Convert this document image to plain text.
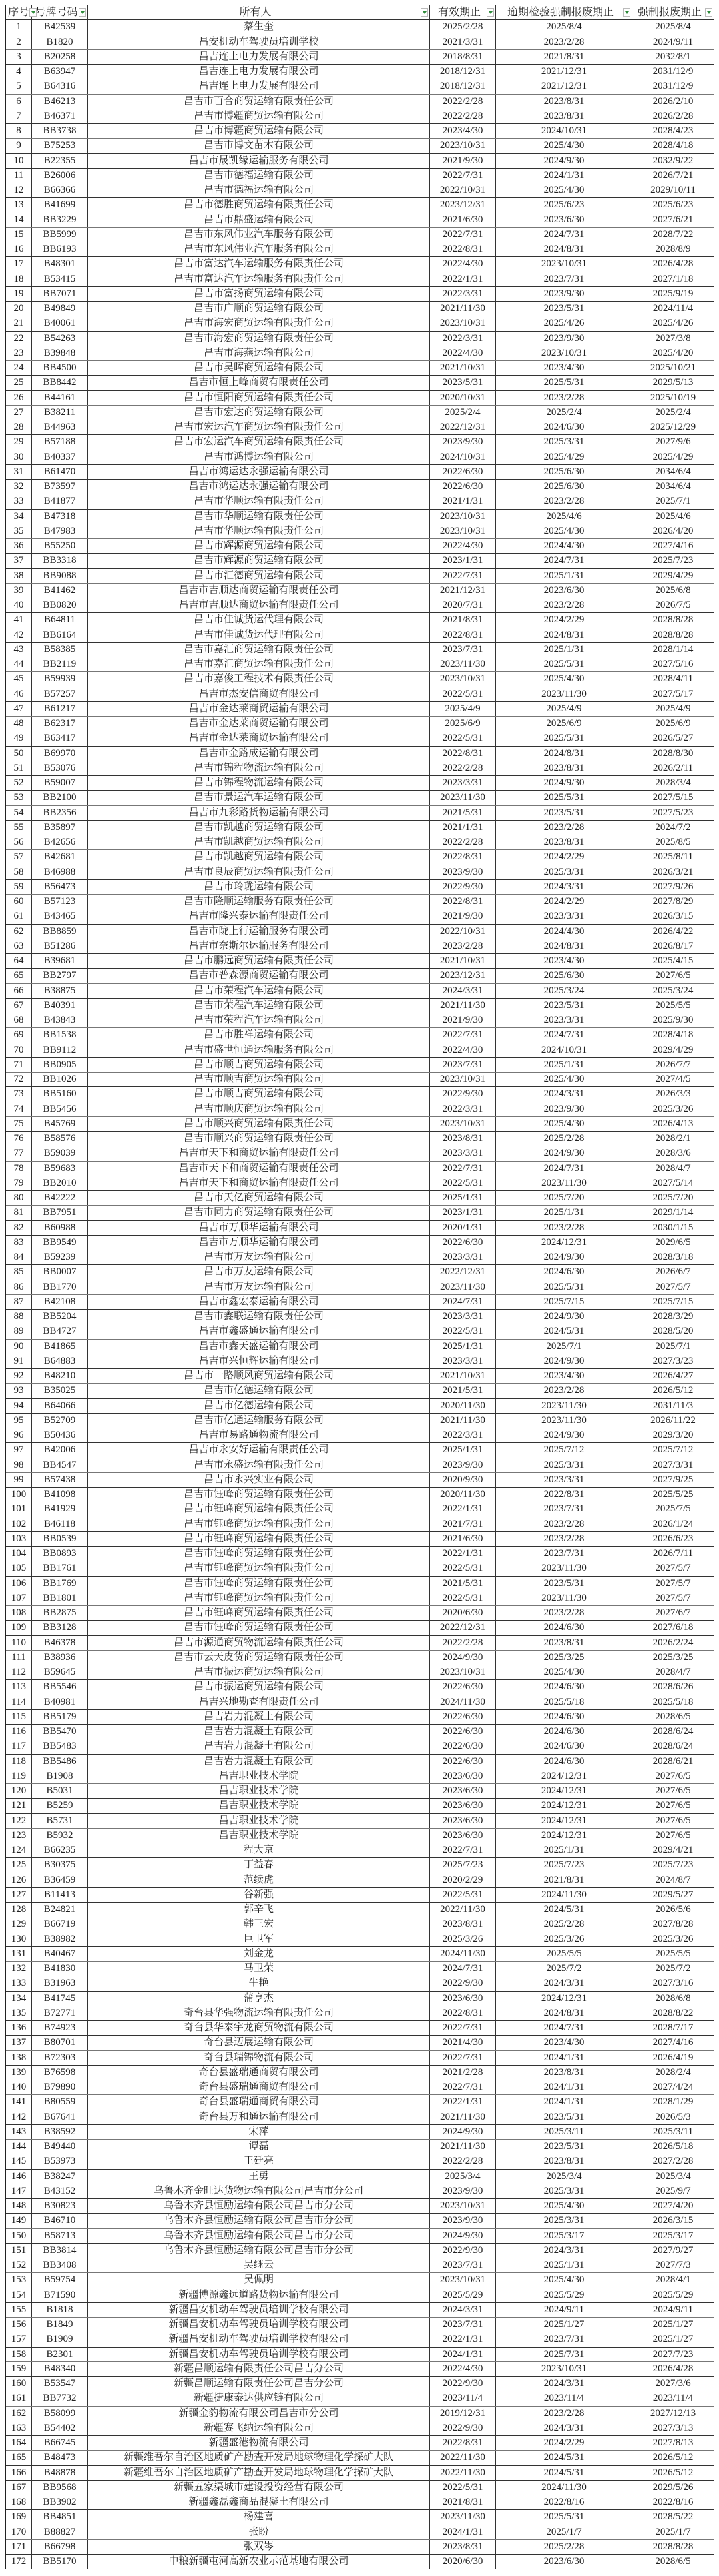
序号 号牌号码	所有人	有效期止	逾期检验强制报废期止	强制报废期止
1	B42539	蔡生奎	2025/2/28	2025/8/4	2025/8/4
2	B1820	昌安机动车驾驶员培训学校	2021/3/31	2023/2/28	2024/9/11
3	B20258	昌吉连上电力发展有限公司	2018/8/31	2021/8/31	2032/8/1
4	B63947	昌吉连上电力发展有限公司	2018/12/31	2021/12/31	2031/12/9
5	B64316	昌吉连上电力发展有限公司	2018/12/31	2021/12/31	2031/12/9
6	B46213	昌吉市百合商贸运输有限责任公司	2022/2/28	2023/8/31	2026/2/10
7	B46371	昌吉市博疆商贸运输有限公司	2022/2/28	2023/8/31	2026/2/28
8	BB3738	昌吉市博疆商贸运输有限公司	2023/4/30	2024/10/31	2028/4/23
9	B75253	昌吉市博文苗木有限公司	2023/10/31	2025/4/30	2028/4/18
10	B22355	昌吉市晟凯缘运输服务有限公司	2021/9/30	2024/9/30	2032/9/22
11	B26006	昌吉市德福运输有限公司	2022/7/31	2024/1/31	2026/7/21
12	B66366	昌吉市德福运输有限公司	2022/10/31	2025/4/30	2029/10/11
13	B41699	昌吉市德胜商贸运输有限责任公司	2023/12/31	2025/6/23	2025/6/23
14	BB3229	昌吉市鼎盛运输有限公司	2021/6/30	2023/6/30	2027/6/21
15	BB5999	昌吉市东风伟业汽车服务有限公司	2022/7/31	2024/7/31	2028/7/22
16	BB6193	昌吉市东风伟业汽车服务有限公司	2022/8/31	2024/8/31	2028/8/9
17	B48301	昌吉市富达汽车运输服务有限责任公司	2022/4/30	2023/10/31	2026/4/28
18	B53415	昌吉市富达汽车运输服务有限责任公司	2022/1/31	2023/7/31	2027/1/18
19	BB7071	昌吉市富扬商贸运输有限公司	2022/3/31	2023/9/30	2025/9/19
20	B49849	昌吉市广顺商贸运输有限公司	2021/11/30	2023/5/31	2024/11/4
21	B40061	昌吉市海宏商贸运输有限责任公司	2023/10/31	2025/4/26	2025/4/26
22	B54263	昌吉市海宏商贸运输有限责任公司	2022/3/31	2023/9/30	2027/3/8
23	B39848	昌吉市海燕运输有限公司	2022/4/30	2023/10/31	2025/4/20
24	BB4500	昌吉市昊晖商贸运输有限公司	2021/10/31	2023/4/30	2025/10/21
25	BB8442	昌吉市恒上峰商贸有限责任公司	2023/5/31	2025/5/31	2029/5/13
26	B44161	昌吉市恒阳商贸运输有限责任公司	2020/10/31	2023/2/28	2025/10/19
27	B38211	昌吉市宏达商贸运输有限公司	2025/2/4	2025/2/4	2025/2/4
28	B44963	昌吉市宏运汽车商贸运输有限责任公司	2022/12/31	2024/6/30	2025/12/29
29	B57188	昌吉市宏运汽车商贸运输有限责任公司	2023/9/30	2025/3/31	2027/9/6
30	B40337	昌吉市鸿博运输有限公司	2024/10/31	2025/4/29	2025/4/29
31	B61470	昌吉市鸿运达永强运输有限公司	2022/6/30	2025/6/30	2034/6/4
32	B73597	昌吉市鸿运达永强运输有限公司	2022/6/30	2025/6/30	2034/6/4
33	B41877	昌吉市华顺运输有限责任公司	2021/1/31	2023/2/28	2025/7/1
34	B47318	昌吉市华顺运输有限责任公司	2023/10/31	2025/4/6	2025/4/6
35	B47983	昌吉市华顺运输有限责任公司	2023/10/31	2025/4/30	2026/4/20
36	B55250	昌吉市辉源商贸运输有限公司	2022/4/30	2024/4/30	2027/4/16
37	BB3318	昌吉市辉源商贸运输有限公司	2023/1/31	2024/7/31	2025/7/23
38	BB9088	昌吉市汇德商贸运输有限公司	2022/7/31	2025/1/31	2029/4/29
39	B41462	昌吉市吉顺达商贸运输有限责任公司	2021/12/31	2023/6/30	2025/6/8
40	BB0820	昌吉市吉顺达商贸运输有限责任公司	2020/7/31	2023/2/28	2026/7/5
41	B64811	昌吉市佳诚货运代理有限公司	2021/8/31	2024/2/29	2028/8/28
42	BB6164	昌吉市佳诚货运代理有限公司	2022/8/31	2024/8/31	2028/8/28
43	B58385	昌吉市嘉汇商贸运输有限责任公司	2023/7/31	2025/1/31	2028/1/14
44	BB2119	昌吉市嘉汇商贸运输有限责任公司	2023/11/30	2025/5/31	2027/5/16
45	B59939	昌吉市嘉俊工程技术有限责任公司	2023/10/31	2025/4/30	2028/4/11
46	B57257	昌吉市杰安信商贸有限公司	2022/5/31	2023/11/30	2027/5/17
47	B61217	昌吉市金达莱商贸运输有限公司	2025/4/9	2025/4/9	2025/4/9
48	B62317	昌吉市金达莱商贸运输有限公司	2025/6/9	2025/6/9	2025/6/9
49	B63417	昌吉市金达莱商贸运输有限公司	2022/5/31	2025/5/31	2026/5/27
50	B69970	昌吉市金路成运输有限公司	2022/8/31	2024/8/31	2028/8/30
51	B53076	昌吉市锦程物流运输有限公司	2022/2/28	2023/8/31	2026/2/11
52	B59007	昌吉市锦程物流运输有限公司	2023/3/31	2024/9/30	2028/3/4
53	BB2100	昌吉市景运汽车运输有限公司	2023/11/30	2025/5/31	2027/5/15
54	BB2356	昌吉市九彩路货物运输有限公司	2021/5/31	2023/5/31	2027/5/23
55	B35897	昌吉市凯越商贸运输有限公司	2021/1/31	2023/2/28	2024/7/2
56	B42656	昌吉市凯越商贸运输有限公司	2022/2/28	2023/8/31	2025/8/5
57	B42681	昌吉市凯越商贸运输有限公司	2022/8/31	2024/2/29	2025/8/11
58	B46988	昌吉市良辰商贸运输有限责任公司	2023/9/30	2025/3/31	2026/3/21
59	B56473	昌吉市玲珑运输有限公司	2022/9/30	2024/3/31	2027/9/26
60	B57123	昌吉市隆顺运输服务有限责任公司	2022/8/31	2024/2/29	2027/8/29
61	B43465	昌吉市隆兴泰运输有限责任公司	2021/9/30	2023/3/31	2026/3/15
62	BB8859	昌吉市陇上行运输服务有限公司	2022/10/31	2024/4/30	2026/4/22
63	B51286	昌吉市奈斯尔运输服务有限公司	2023/2/28	2024/8/31	2026/8/17
64	B39681	昌吉市鹏远商贸运输有限责任公司	2021/10/31	2023/4/30	2025/4/15
65	BB2797	昌吉市普森源商贸运输有限公司	2023/12/31	2025/6/30	2027/6/5
66	B38875	昌吉市荣程汽车运输有限公司	2024/3/31	2025/3/24	2025/3/24
67	B40391	昌吉市荣程汽车运输有限公司	2021/11/30	2023/5/31	2025/5/5
68	B43843	昌吉市荣程汽车运输有限公司	2021/9/30	2023/3/31	2025/9/30
69	BB1538	昌吉市胜祥运输有限公司	2022/7/31	2024/7/31	2028/4/18
70	BB9112	昌吉市盛世恒通运输服务有限公司	2022/4/30	2024/10/31	2029/4/29
71	BB0905	昌吉市顺吉商贸运输有限公司	2023/7/31	2025/1/31	2026/7/7
72	BB1026	昌吉市顺吉商贸运输有限公司	2023/10/31	2025/4/30	2027/4/5
73	BB5160	昌吉市顺吉商贸运输有限公司	2022/9/30	2024/3/31	2026/3/3
74	BB5456	昌吉市顺庆商贸运输有限公司	2022/3/31	2023/9/30	2025/3/26
75	B45769	昌吉市顺兴商贸运输有限责任公司	2023/10/31	2025/4/30	2026/4/13
76	B58576	昌吉市顺兴商贸运输有限责任公司	2023/8/31	2025/2/28	2028/2/1
77	B59039	昌吉市天下和商贸运输有限责任公司	2023/3/31	2024/9/30	2028/3/6
78	B59683	昌吉市天下和商贸运输有限责任公司	2022/7/31	2024/7/31	2028/4/7
79	BB2010	昌吉市天下和商贸运输有限责任公司	2022/5/31	2023/11/30	2027/5/14
80	B42222	昌吉市天亿商贸运输有限公司	2025/1/31	2025/7/20	2025/7/20
81	BB7951	昌吉市同力商贸运输有限责任公司	2023/1/31	2025/1/31	2029/1/14
82	B60988	昌吉市万顺华运输有限公司	2020/1/31	2023/2/28	2030/1/15
83	BB9549	昌吉市万顺华运输有限公司	2022/6/30	2024/12/31	2029/6/5
84	B59239	昌吉市万友运输有限公司	2023/3/31	2024/9/30	2028/3/18
85	BB0007	昌吉市万友运输有限公司	2022/12/31	2024/6/30	2026/6/7
86	BB1770	昌吉市万友运输有限公司	2023/11/30	2025/5/31	2027/5/7
87	B42108	昌吉市鑫宏泰运输有限公司	2024/7/31	2025/7/15	2025/7/15
88	BB5204	昌吉市鑫联运输有限责任公司	2023/3/31	2024/9/30	2028/3/29
89	BB4727	昌吉市鑫盛通运输有限公司	2022/5/31	2024/5/31	2028/5/20
90	B41865	昌吉市鑫天盛运输有限公司	2025/1/31	2025/7/1	2025/7/1
91	B64883	昌吉市兴恒辉运输有限公司	2023/3/31	2024/9/30	2027/3/23
92	B48210	昌吉市一路顺风商贸运输有限公司	2021/10/31	2023/4/30	2026/4/27
93	B35025	昌吉市亿德运输有限公司	2021/5/31	2023/2/28	2026/5/12
94	B64066	昌吉市亿德运输有限公司	2020/11/30	2023/11/30	2031/11/3
95	B52709	昌吉市亿通运输服务有限公司	2021/11/30	2023/11/30	2026/11/22
96	B50436	昌吉市易路通物流有限公司	2022/3/31	2024/9/30	2029/3/20
97	B42006	昌吉市永安好运输有限责任公司	2025/1/31	2025/7/12	2025/7/12
98	BB4547	昌吉市永盛运输有限责任公司	2023/9/30	2025/3/31	2027/3/31
99	B57438	昌吉市永兴实业有限公司	2020/9/30	2023/3/31	2027/9/25
100	B41098	昌吉市钰峰商贸运输有限责任公司	2020/11/30	2022/8/31	2025/5/25
101	B41929	昌吉市钰峰商贸运输有限责任公司	2022/1/31	2023/7/31	2025/7/5
102	B46118	昌吉市钰峰商贸运输有限责任公司	2021/7/31	2023/2/28	2026/1/24
103	BB0539	昌吉市钰峰商贸运输有限责任公司	2021/6/30	2023/2/28	2026/6/23
104	BB0893	昌吉市钰峰商贸运输有限责任公司	2022/1/31	2023/7/31	2026/7/11
105	BB1761	昌吉市钰峰商贸运输有限责任公司	2022/5/31	2023/11/30	2027/5/7
106	BB1769	昌吉市钰峰商贸运输有限责任公司	2021/5/31	2023/5/31	2027/5/7
107	BB1801	昌吉市钰峰商贸运输有限责任公司	2022/5/31	2023/11/30	2027/5/7
108	BB2875	昌吉市钰峰商贸运输有限责任公司	2020/6/30	2023/2/28	2027/6/7
109	BB3128	昌吉市钰峰商贸运输有限责任公司	2022/12/31	2024/6/30	2027/6/18
110	B46378	昌吉市源通商贸物流运输有限责任公司	2022/2/28	2023/8/31	2026/2/24
111	B38936	昌吉市云天皮货商贸运输有限责任公司	2024/9/30	2025/3/25	2025/3/25
112	B59645	昌吉市振运商贸运输有限公司	2023/10/31	2025/4/30	2028/4/7
113	BB5546	昌吉市振运商贸运输有限公司	2022/6/30	2024/6/30	2028/6/26
114	B40981	昌吉兴地勘查有限责任公司	2024/11/30	2025/5/18	2025/5/18
115	BB5179	昌吉岩力混凝土有限公司	2022/6/30	2024/6/30	2028/6/5
116	BB5470	昌吉岩力混凝土有限公司	2022/6/30	2024/6/30	2028/6/24
117	BB5483	昌吉岩力混凝土有限公司	2022/6/30	2024/6/30	2028/6/24
118	BB5486	昌吉岩力混凝土有限公司	2022/6/30	2024/6/30	2028/6/21
119	B1908	昌吉职业技术学院	2023/6/30	2024/12/31	2027/6/5
120	B5031	昌吉职业技术学院	2023/6/30	2024/12/31	2027/6/5
121	B5259	昌吉职业技术学院	2023/6/30	2024/12/31	2027/6/5
122	B5731	昌吉职业技术学院	2023/6/30	2024/12/31	2027/6/5
123	B5932	昌吉职业技术学院	2023/6/30	2024/12/31	2027/6/5
124	B66235	程大京	2022/7/31	2025/1/31	2029/4/21
125	B30375	丁益春	2025/7/23	2025/7/23	2025/7/23
126	B36459	范续虎	2020/2/29	2021/8/31	2024/8/7
127	B11413	谷新强	2022/5/31	2024/11/30	2029/5/27
128	B24821	郭辛飞	2022/11/30	2024/5/31	2026/5/6
129	B66719	韩三宏	2023/8/31	2025/2/28	2027/8/28
130	B38982	巨卫军	2025/3/26	2025/3/26	2025/3/26
131	B40467	刘金龙	2024/11/30	2025/5/5	2025/5/5
132	B41830	马卫荣	2024/7/31	2025/7/2	2025/7/2
133	B31963	牛艳	2022/9/30	2024/3/31	2027/3/16
134	B41745	蒲亨杰	2023/6/30	2024/12/31	2028/6/8
135	B72771	奇台县华强物流运输有限责任公司	2022/8/31	2024/8/31	2028/8/22
136	B74923	奇台县华泰宇龙商贸物流有限公司	2022/7/31	2024/7/31	2028/7/17
137	B80701	奇台县迈展运输有限公司	2021/4/30	2023/4/30	2027/4/16
138	B72303	奇台县瑞锦物流有限公司	2022/7/31	2024/1/31	2026/4/19
139	B76598	奇台县盛瑞通商贸有限公司	2021/2/28	2023/8/31	2028/2/4
140	B79890	奇台县盛瑞通商贸有限公司	2022/7/31	2024/1/31	2027/4/24
141	B80559	奇台县盛瑞通商贸有限公司	2022/1/31	2024/1/31	2028/1/29
142	B67641	奇台县万和通运输有限公司	2021/11/30	2023/5/31	2026/5/3
143	B38592	宋萍	2024/9/30	2025/3/11	2025/3/11
144	B49440	谭磊	2021/11/30	2023/5/31	2026/5/18
145	B53973	王廷亮	2022/2/28	2023/8/31	2027/2/28
146	B38247	王勇	2025/3/4	2025/3/4	2025/3/4
147	B43152	乌鲁木齐金旺达货物运输有限公司昌吉市分公司	2023/9/30	2025/3/31	2025/9/7
148	B30823	乌鲁木齐县恒励运输有限公司昌吉市分公司	2023/10/31	2025/4/30	2027/4/20
149	B46710	乌鲁木齐县恒励运输有限公司昌吉市分公司	2023/9/30	2025/3/31	2026/3/15
150	B58713	乌鲁木齐县恒励运输有限公司昌吉市分公司	2024/9/30	2025/3/17	2025/3/17
151	BB3814	乌鲁木齐县恒励运输有限公司昌吉市分公司	2022/9/30	2024/3/31	2027/9/27
152	BB3408	吴继云	2023/7/31	2025/1/31	2027/7/3
153	B59754	吴佩明	2023/10/31	2025/4/30	2028/4/1
154	B71590	新疆博源鑫远道路货物运输有限公司	2025/5/29	2025/5/29	2025/5/29
155	B1818	新疆昌安机动车驾驶员培训学校有限公司	2024/3/31	2024/9/11	2024/9/11
156	B1849	新疆昌安机动车驾驶员培训学校有限公司	2023/7/31	2025/1/27	2025/1/27
157	B1909	新疆昌安机动车驾驶员培训学校有限公司	2022/1/31	2023/7/31	2025/1/27
158	B2301	新疆昌安机动车驾驶员培训学校有限公司	2024/1/31	2025/7/31	2027/7/23
159	B48340	新疆昌顺运输有限责任公司昌吉分公司	2022/4/30	2023/10/31	2026/4/28
160	B53547	新疆昌顺运输有限责任公司昌吉分公司	2022/9/30	2024/3/31	2027/3/6
161	BB7732	新疆捷康泰达供应链有限公司	2023/11/4	2023/11/4	2023/11/4
162	B58099	新疆金豹物流有限公司昌吉市分公司	2019/12/31	2023/2/28	2027/12/13
163	B54402	新疆赛飞纳运输有限公司	2022/9/30	2024/3/31	2027/3/13
164	B66745	新疆盛港物流有限公司	2022/8/31	2024/2/29	2027/8/13
165	B48473	新疆维吾尔自治区地质矿产勘查开发局地球物理化学探矿大队	2022/11/30	2024/5/31	2026/5/12
166	B48878	新疆维吾尔自治区地质矿产勘查开发局地球物理化学探矿大队	2022/11/30	2024/5/31	2026/5/12
167	BB9568	新疆五家渠城市建设投资经营有限公司	2022/5/31	2024/11/30	2029/5/26
168	BB3902	新疆鑫磊鑫商品混凝土有限公司	2021/8/31	2022/8/16	2022/8/16
169	BB4851	杨建喜	2023/11/30	2025/5/31	2028/5/22
170	B88827	张盼	2024/1/31	2025/1/7	2025/1/7
171	B66798	张双岑	2023/8/31	2025/2/28	2028/8/28
172	BB5170	中粮新疆屯河高新农业示范基地有限公司	2020/6/30	2023/6/30	2028/6/5
